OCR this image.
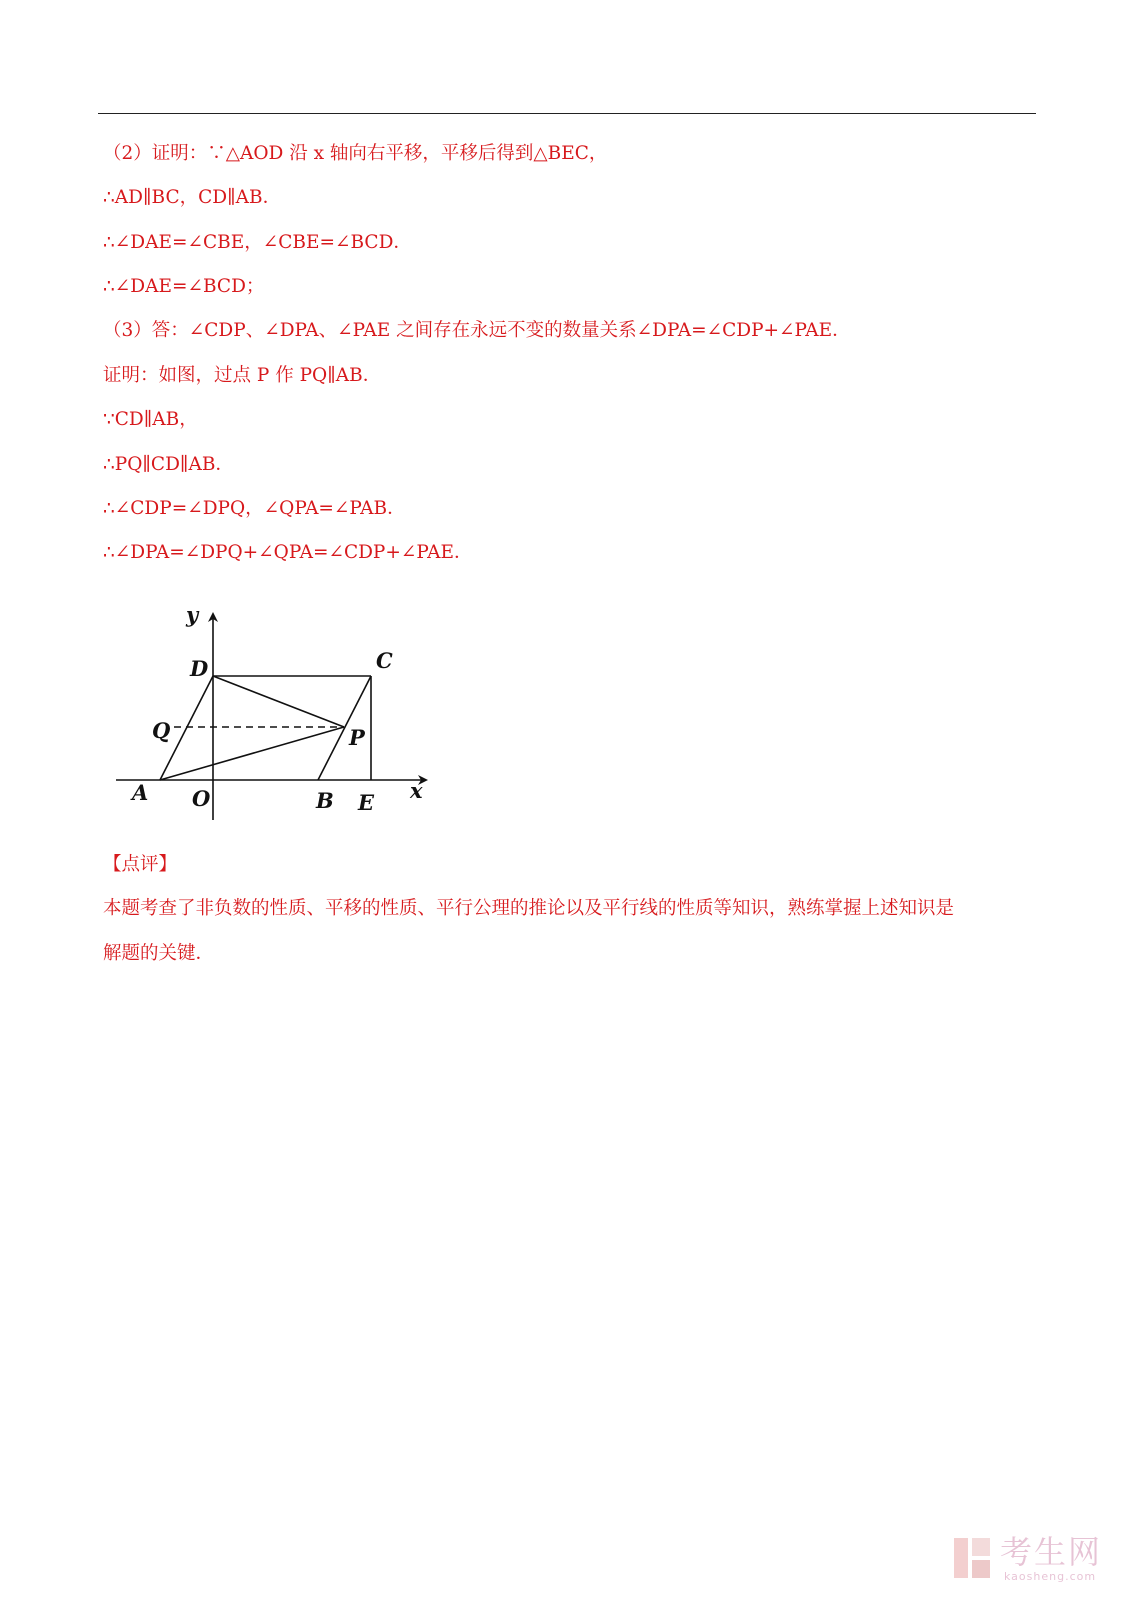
（2）证明：∵△AOD 沿 x 轴向右平移，平移后得到△BEC，
∴AD∥BC，CD∥AB．
∴∠DAE=∠CBE，∠CBE=∠BCD．
∴∠DAE=∠BCD；
（3）答：∠CDP、∠DPA、∠PAE 之间存在永远不变的数量关系∠DPA=∠CDP+∠PAE．
证明：如图，过点 P 作 PQ∥AB．
∵CD∥AB，
∴PQ∥CD∥AB．
∴∠CDP=∠DPQ，∠QPA=∠PAB．
∴∠DPA=∠DPQ+∠QPA=∠CDP+∠PAE．
y
x
D	C
Q	P
A O	B E
【点评】
本题考查了非负数的性质、平移的性质、平行公理的推论以及平行线的性质等知识，熟练掌握上述知识是
解题的关键．
考生网
kaosheng.com
